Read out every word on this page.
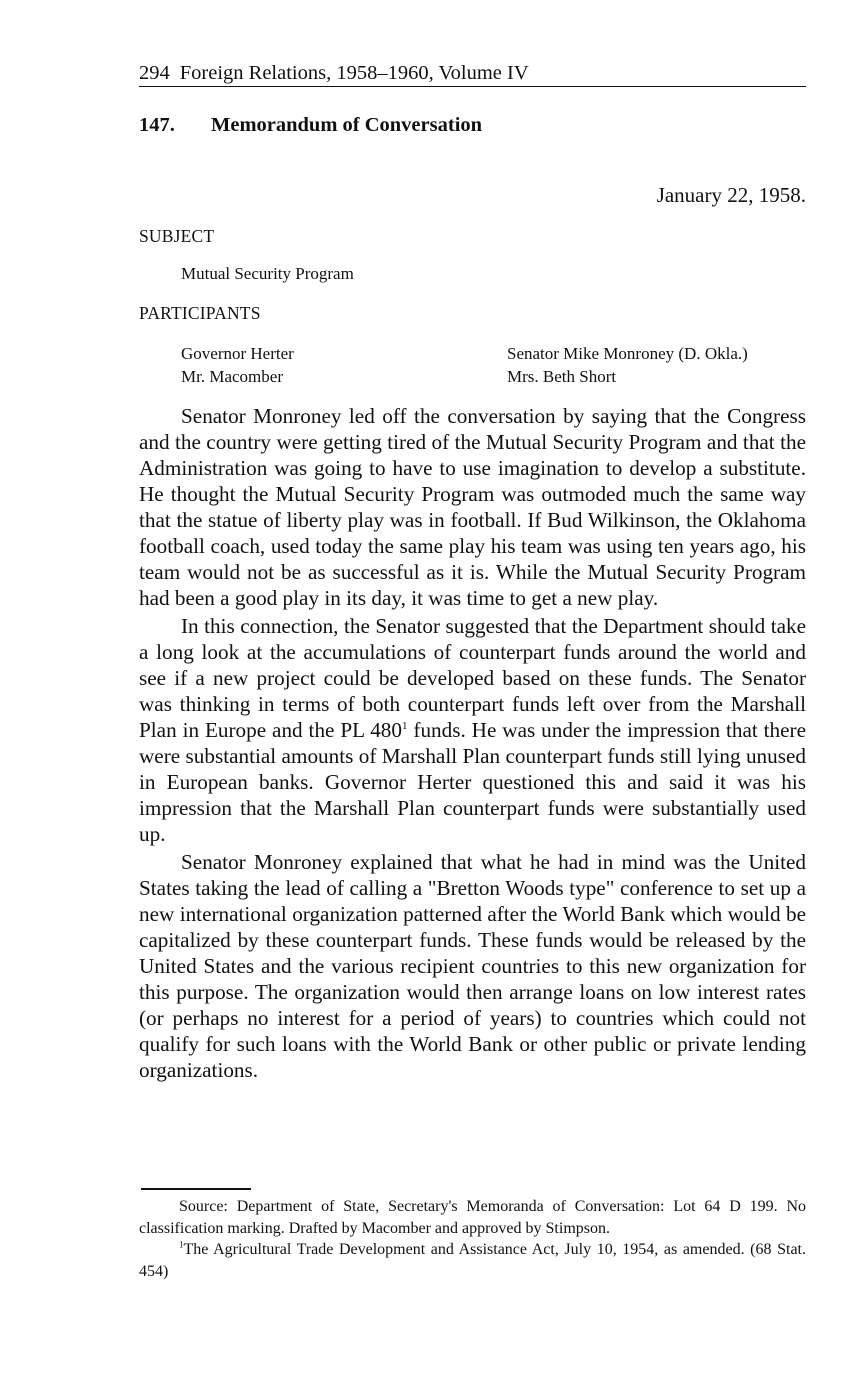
294 Foreign Relations, 1958–1960, Volume IV
147. Memorandum of Conversation
January 22, 1958.
SUBJECT
Mutual Security Program
PARTICIPANTS
Governor Herter
Mr. Macomber
Senator Mike Monroney (D. Okla.)
Mrs. Beth Short

Senator Monroney led off the conversation by saying that the Congress and the country were getting tired of the Mutual Security Program and that the Administration was going to have to use imagination to develop a substitute. He thought the Mutual Security Program was outmoded much the same way that the statue of liberty play was in football. If Bud Wilkinson, the Oklahoma football coach, used today the same play his team was using ten years ago, his team would not be as successful as it is. While the Mutual Security Program had been a good play in its day, it was time to get a new play.

In this connection, the Senator suggested that the Department should take a long look at the accumulations of counterpart funds around the world and see if a new project could be developed based on these funds. The Senator was thinking in terms of both counterpart funds left over from the Marshall Plan in Europe and the PL $480^1$ funds. He was under the impression that there were substantial amounts of Marshall Plan counterpart funds still lying unused in European banks. Governor Herter questioned this and said it was his impression that the Marshall Plan counterpart funds were substantially used up.

Senator Monroney explained that what he had in mind was the United States taking the lead of calling a "Bretton Woods type" conference to set up a new international organization patterned after the World Bank which would be capitalized by these counterpart funds. These funds would be released by the United States and the various recipient countries to this new organization for this purpose. The organization would then arrange loans on low interest rates (or perhaps no interest for a period of years) to countries which could not qualify for such loans with the World Bank or other public or private lending organizations.

Source: Department of State, Secretary's Memoranda of Conversation: Lot 64 D 199. No classification marking. Drafted by Macomber and approved by Stimpson.

$^1$The Agricultural Trade Development and Assistance Act, July 10, 1954, as amended. (68 Stat. 454)
